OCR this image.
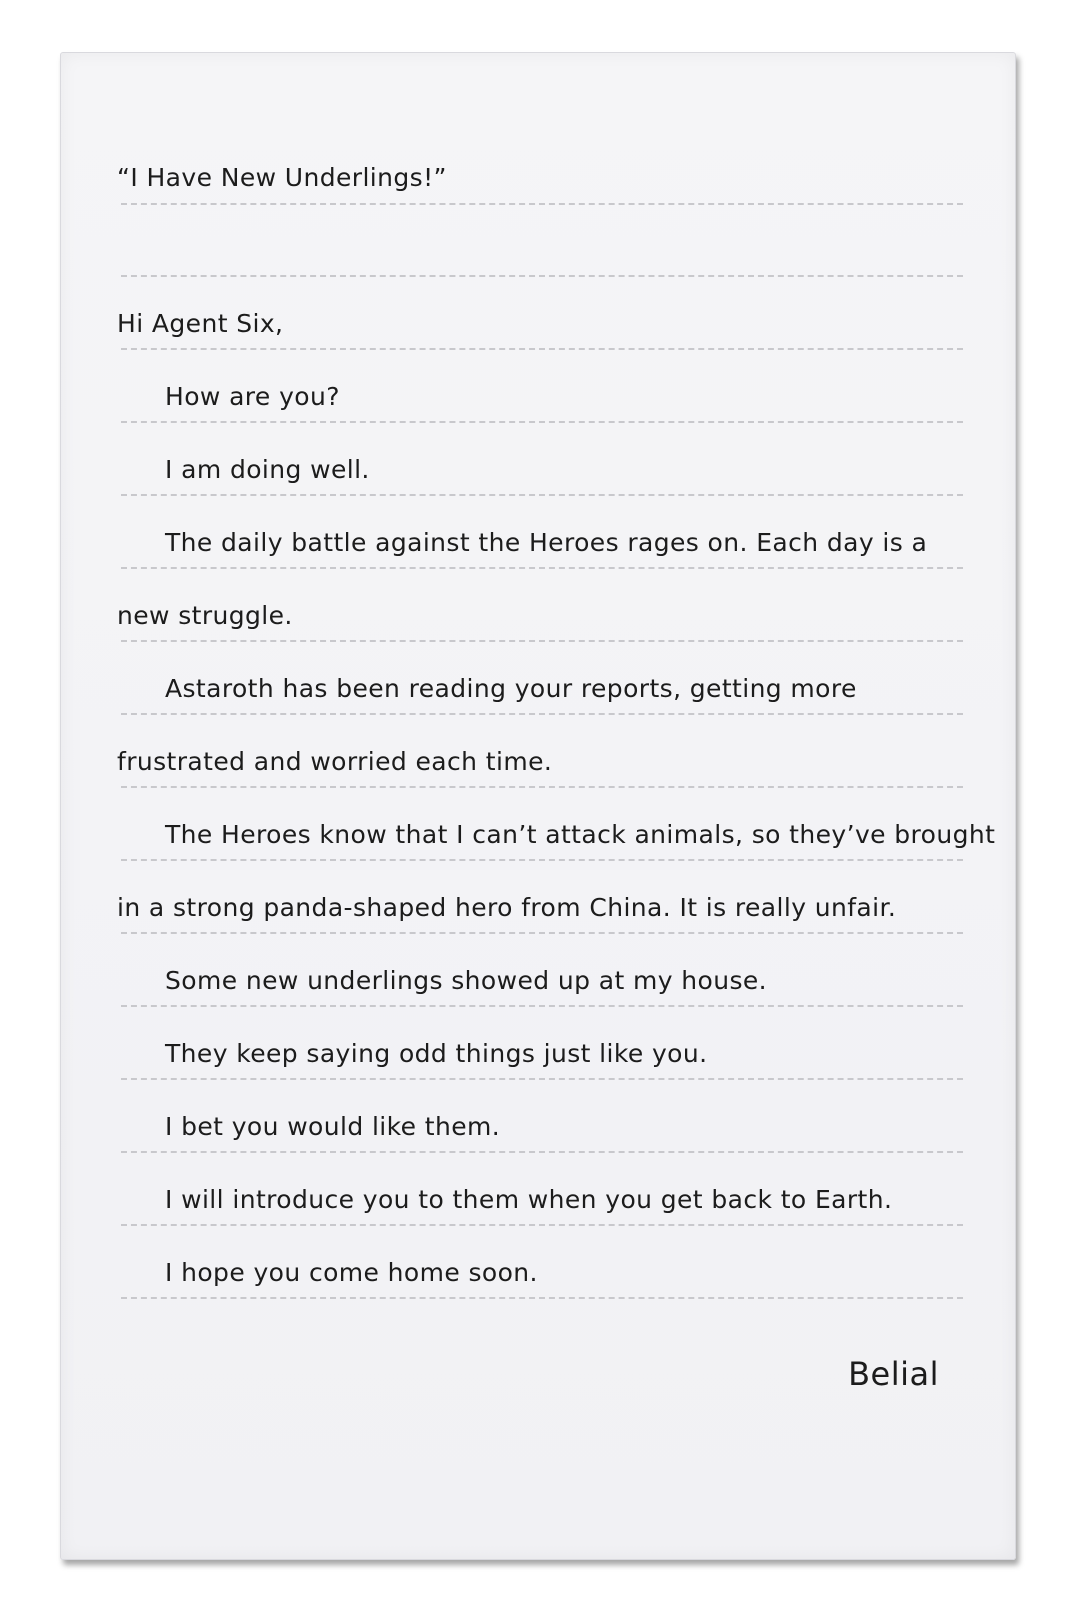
“I Have New Underlings!”
Hi Agent Six,
How are you?
I am doing well.
The daily battle against the Heroes rages on. Each day is a
new struggle.
Astaroth has been reading your reports, getting more
frustrated and worried each time.
The Heroes know that I can’t attack animals, so they’ve brought
in a strong panda-shaped hero from China. It is really unfair.
Some new underlings showed up at my house.
They keep saying odd things just like you.
I bet you would like them.
I will introduce you to them when you get back to Earth.
I hope you come home soon.
Belial
